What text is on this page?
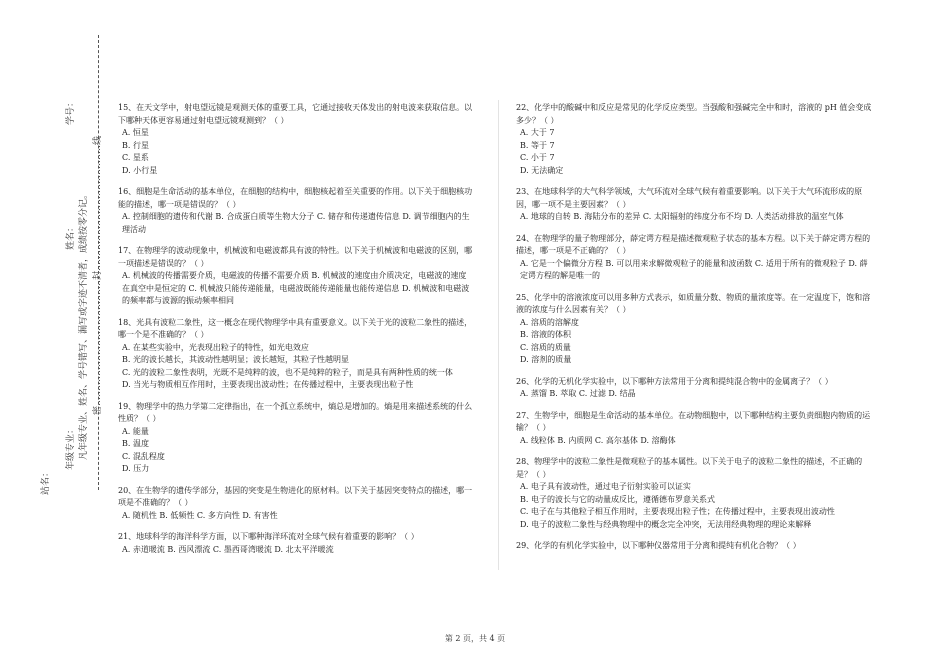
站名：
年级专业：
姓名：
学号：
凡年级专业、姓名、学号错写、漏写或字迹不清者，成绩按零分记。 密……………………………………封……………………………………线
15、在天文学中，射电望远镜是观测天体的重要工具，它通过接收天体发出的射电波来获取信息。以下哪种天体更容易通过射电望远镜观测到？（ ）
A. 恒星
B. 行星
C. 星系
D. 小行星
16、细胞是生命活动的基本单位，在细胞的结构中，细胞核起着至关重要的作用。以下关于细胞核功能的描述，哪一项是错误的？（ ）
A. 控制细胞的遗传和代谢 B. 合成蛋白质等生物大分子 C. 储存和传递遗传信息 D. 调节细胞内的生理活动
17、在物理学的波动现象中，机械波和电磁波都具有波的特性。以下关于机械波和电磁波的区别，哪一项描述是错误的？（ ）
A. 机械波的传播需要介质，电磁波的传播不需要介质 B. 机械波的速度由介质决定，电磁波的速度在真空中是恒定的 C. 机械波只能传递能量，电磁波既能传递能量也能传递信息 D. 机械波和电磁波的频率都与波源的振动频率相同
18、光具有波粒二象性，这一概念在现代物理学中具有重要意义。以下关于光的波粒二象性的描述，哪一个是不准确的？（ ）
A. 在某些实验中，光表现出粒子的特性，如光电效应
B. 光的波长越长，其波动性越明显；波长越短，其粒子性越明显
C. 光的波粒二象性表明，光既不是纯粹的波，也不是纯粹的粒子，而是具有两种性质的统一体
D. 当光与物质相互作用时，主要表现出波动性；在传播过程中，主要表现出粒子性
19、物理学中的热力学第二定律指出，在一个孤立系统中，熵总是增加的。熵是用来描述系统的什么性质？（ ）
A. 能量
B. 温度
C. 混乱程度
D. 压力
20、在生物学的遗传学部分，基因的突变是生物进化的原材料。以下关于基因突变特点的描述，哪一项是不准确的？（ ）
A. 随机性 B. 低频性 C. 多方向性 D. 有害性
21、地球科学的海洋科学方面，以下哪种海洋环流对全球气候有着重要的影响？（ ）
A. 赤道暖流 B. 西风漂流 C. 墨西哥湾暖流 D. 北太平洋暖流
22、化学中的酸碱中和反应是常见的化学反应类型。当强酸和强碱完全中和时，溶液的 pH 值会变成多少？（ ）
A. 大于 7
B. 等于 7
C. 小于 7
D. 无法确定
23、在地球科学的大气科学领域，大气环流对全球气候有着重要影响。以下关于大气环流形成的原因，哪一项不是主要因素？（ ）
A. 地球的自转 B. 海陆分布的差异 C. 太阳辐射的纬度分布不均 D. 人类活动排放的温室气体
24、在物理学的量子物理部分，薛定谔方程是描述微观粒子状态的基本方程。以下关于薛定谔方程的描述，哪一项是不正确的？（ ）
A. 它是一个偏微分方程 B. 可以用来求解微观粒子的能量和波函数 C. 适用于所有的微观粒子 D. 薛定谔方程的解是唯一的
25、化学中的溶液浓度可以用多种方式表示，如质量分数、物质的量浓度等。在一定温度下，饱和溶液的浓度与什么因素有关？（ ）
A. 溶质的溶解度
B. 溶液的体积
C. 溶质的质量
D. 溶剂的质量
26、化学的无机化学实验中，以下哪种方法常用于分离和提纯混合物中的金属离子？（ ）
A. 蒸馏 B. 萃取 C. 过滤 D. 结晶
27、生物学中，细胞是生命活动的基本单位。在动物细胞中，以下哪种结构主要负责细胞内物质的运输？（ ）
A. 线粒体 B. 内质网 C. 高尔基体 D. 溶酶体
28、物理学中的波粒二象性是微观粒子的基本属性。以下关于电子的波粒二象性的描述，不正确的是？（ ）
A. 电子具有波动性，通过电子衍射实验可以证实
B. 电子的波长与它的动量成反比，遵循德布罗意关系式
C. 电子在与其他粒子相互作用时，主要表现出粒子性；在传播过程中，主要表现出波动性
D. 电子的波粒二象性与经典物理中的概念完全冲突，无法用经典物理的理论来解释
29、化学的有机化学实验中，以下哪种仪器常用于分离和提纯有机化合物？（ ）
第 2 页，共 4 页
